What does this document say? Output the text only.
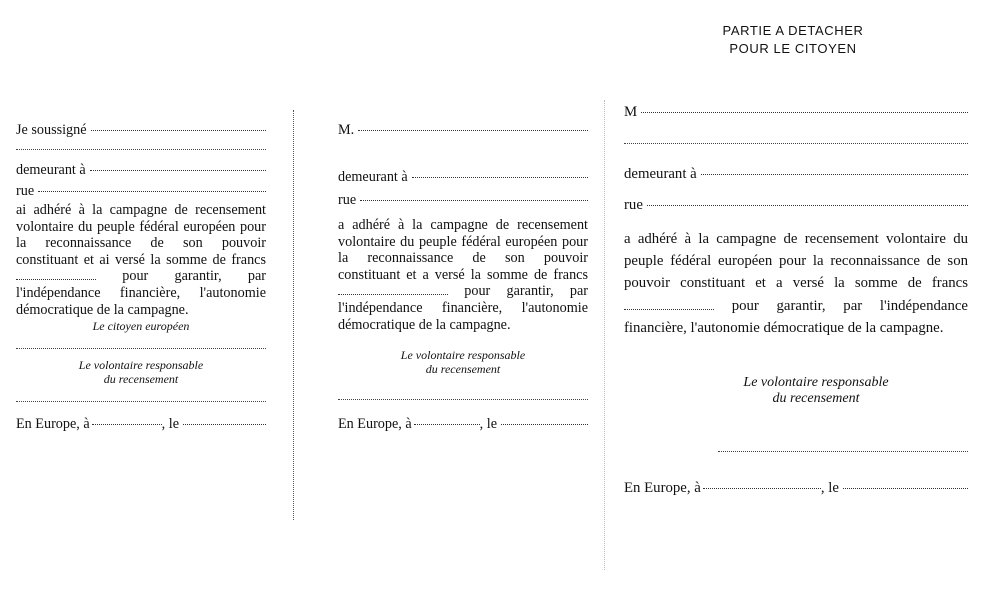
PARTIE A DETACHER
POUR LE CITOYEN
Je soussigné
demeurant à
rue
ai adhéré à la campagne de recensement volontaire du peuple fédéral européen pour la reconnaissance de son pouvoir constituant et ai versé la somme de francs  pour garantir, par l'indépendance financière, l'autonomie démocratique de la campagne.
Le citoyen européen
Le volontaire responsable
du recensement
En Europe, à	, le
M.
demeurant à
rue
a adhéré à la campagne de recensement volontaire du peuple fédéral européen pour la reconnaissance de son pouvoir constituant et a versé la somme de francs  pour garantir, par l'indépendance financière, l'autonomie démocratique de la campagne.
Le volontaire responsable
du recensement
En Europe, à	, le
M
demeurant à
rue
a adhéré à la campagne de recensement volontaire du peuple fédéral européen pour la reconnaissance de son pouvoir constituant et a versé la somme de francs  pour garantir, par l'indépendance financière, l'autonomie démocratique de la campagne.
Le volontaire responsable
du recensement
En Europe, à	, le
